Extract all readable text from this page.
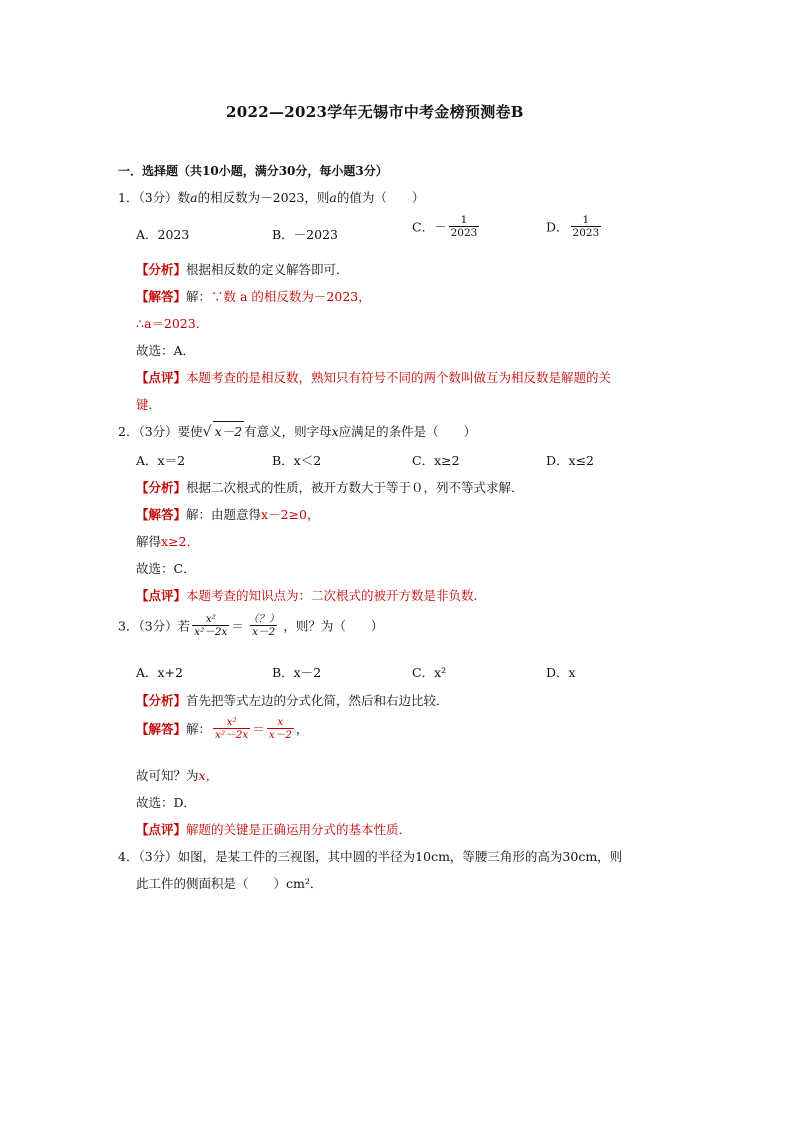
2022—2023学年无锡市中考金榜预测卷B
一．选择题（共10小题，满分30分，每小题3分）
1．（3分）数a的相反数为－2023，则a的值为（　　）
A．2023	B．－2023	C．－ $\frac{1}{2023}$	D． $\frac{1}{2023}$
【分析】根据相反数的定义解答即可．
【解答】解：∵数 a 的相反数为－2023，
∴a＝2023．
故选：A．
【点评】本题考查的是相反数，熟知只有符号不同的两个数叫做互为相反数是解题的关
键．
2．（3分）要使√ x－2 有意义，则字母x应满足的条件是（　　）
A．x＝2	B．x＜2	C．x≥2	D．x≤2
【分析】根据二次根式的性质，被开方数大于等于０，列不等式求解．
【解答】解：由题意得x－2≥0，
解得x≥2．
故选：C．
【点评】本题考查的知识点为：二次根式的被开方数是非负数．
3．（3分）若 $\frac{\text{x²}}{\text{x²－2x}} = \frac{(?)}{x-2}$ ，则？为（　　）
A．x+2	B．x－2	C．x²	D．x
【分析】首先把等式左边的分式化简，然后和右边比较．
【解答】解： $\frac{\text{x²}}{\text{x²－2x}} = \frac{x}{x-2}$ ，
故可知？为x，
故选：D．
【点评】解题的关键是正确运用分式的基本性质．
4．（3分）如图，是某工件的三视图，其中圆的半径为10cm，等腰三角形的高为30cm，则
此工件的侧面积是（　　）cm²．
